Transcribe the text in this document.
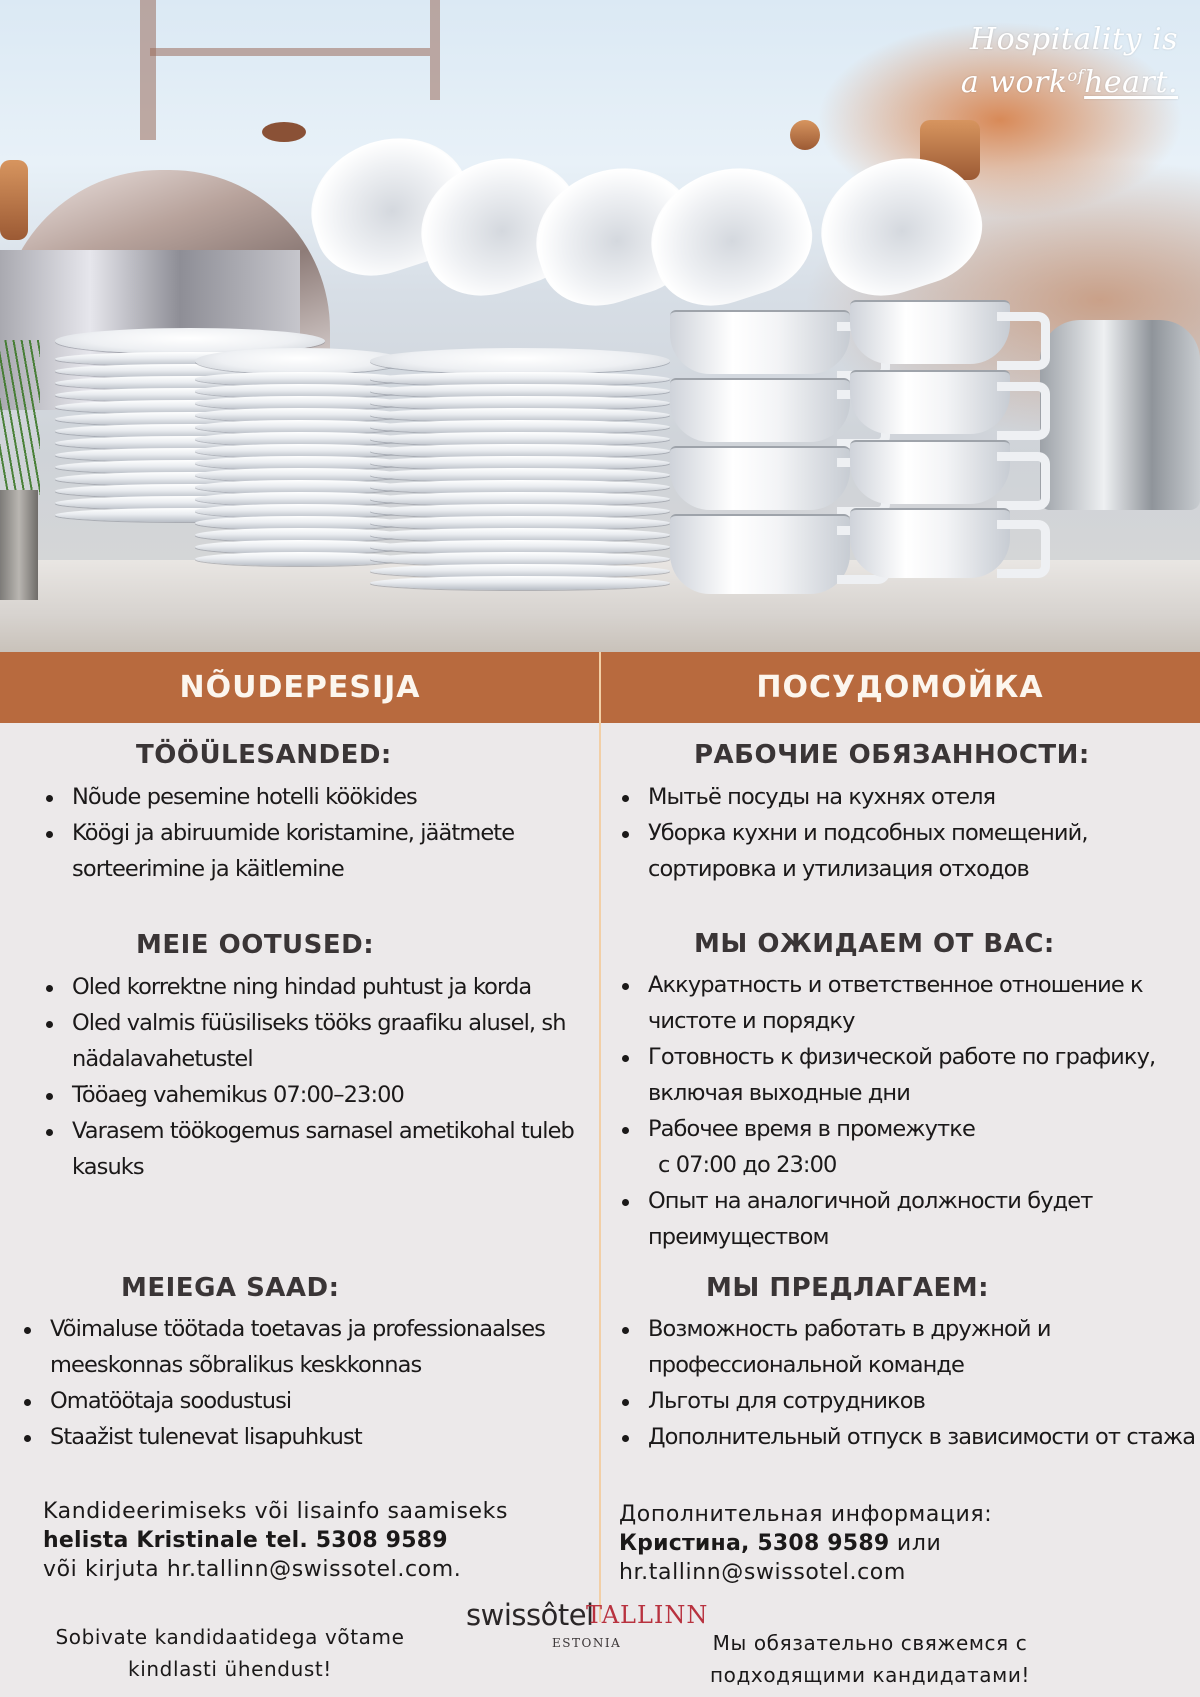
Hospitality is
a work$^{of}$heart.
NÕUDEPESIJA	ПОСУДОМОЙКА
TÖÖÜLESANDED:
Nõude pesemine hotelli köökides
Köögi ja abiruumide koristamine, jäätmete sorteerimine ja käitlemine
MEIE OOTUSED:
Oled korrektne ning hindad puhtust ja korda
Oled valmis füüsiliseks tööks graafiku alusel, sh nädalavahetustel
Tööaeg vahemikus 07:00–23:00
Varasem töökogemus sarnasel ametikohal tuleb kasuks
MEIEGA SAAD:
Võimaluse töötada toetavas ja professionaalses meeskonnas sõbralikus keskkonnas
Omatöötaja soodustusi
Staažist tulenevat lisapuhkust
Kandideerimiseks või lisainfo saamiseks
helista Kristinale tel. 5308 9589
või kirjuta hr.tallinn@swissotel.com.
Sobivate kandidaatidega võtame
kindlasti ühendust!
РАБОЧИЕ ОБЯЗАННОСТИ:
Мытьё посуды на кухнях отеля
Уборка кухни и подсобных помещений, сортировка и утилизация отходов
МЫ ОЖИДАЕМ ОТ ВАС:
Аккуратность и ответственное отношение к чистоте и порядку
Готовность к физической работе по графику, включая выходные дни
Рабочее время в промежутке
с 07:00 до 23:00
Опыт на аналогичной должности будет преимуществом
МЫ ПРЕДЛАГАЕМ:
Возможность работать в дружной и профессиональной команде
Льготы для сотрудников
Дополнительный отпуск в зависимости от стажа
Дополнительная информация:
Кристина, 5308 9589 или
hr.tallinn@swissotel.com
Мы обязательно свяжемся с
подходящими кандидатами!
swissôtel
TALLINN
ESTONIA
